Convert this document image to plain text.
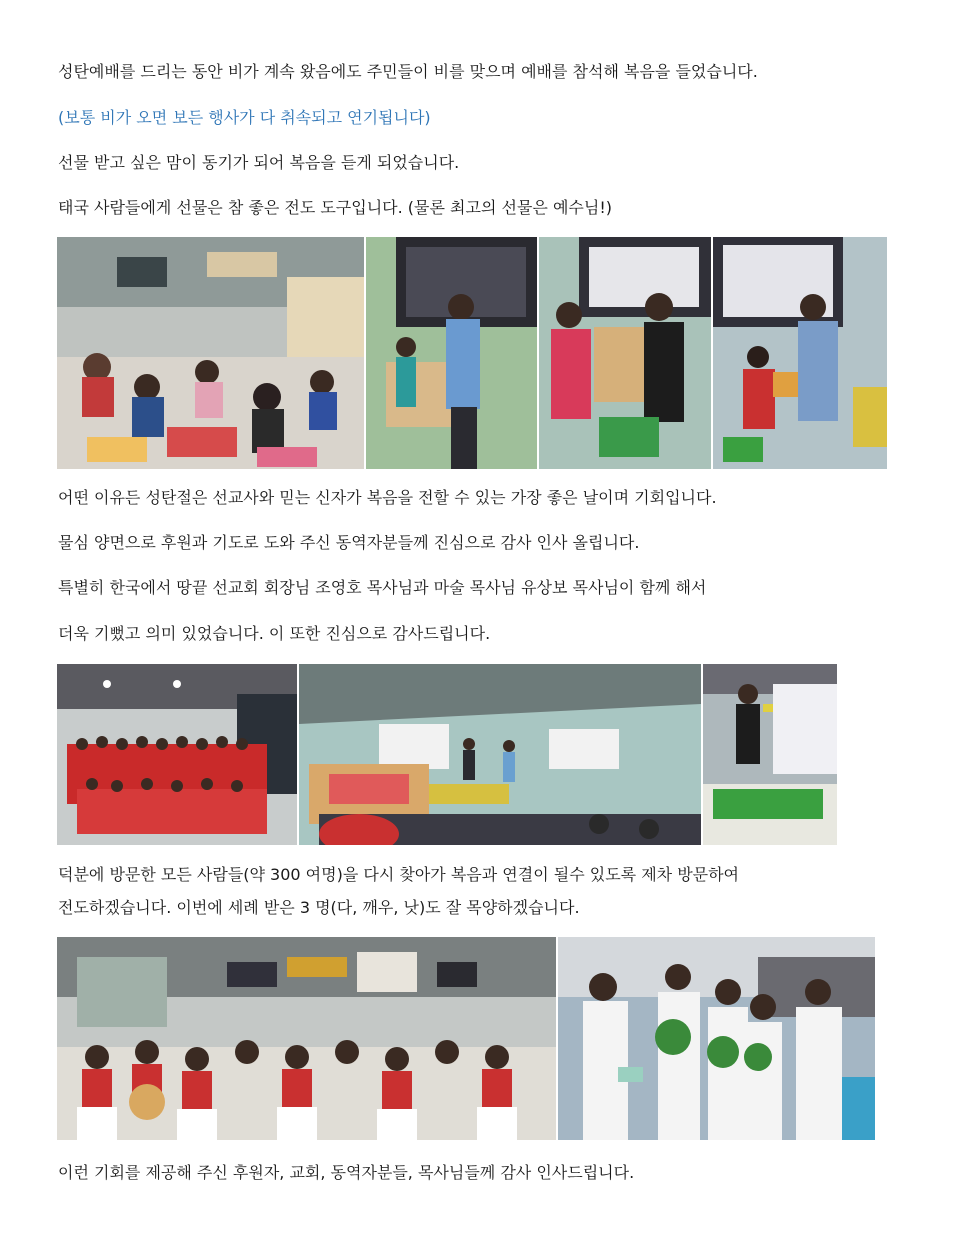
성탄예배를 드리는 동안 비가 계속 왔음에도 주민들이 비를 맞으며 예배를 참석해 복음을 들었습니다.
(보통 비가 오면 보든 행사가 다 취속되고 연기됩니다)
선물 받고 싶은 맘이 동기가 되어 복음을 듣게 되었습니다.
태국 사람들에게 선물은 참 좋은 전도 도구입니다. (물론 최고의 선물은 예수님!)
어떤 이유든 성탄절은 선교사와 믿는 신자가 복음을 전할 수 있는 가장 좋은 날이며 기회입니다.
물심 양면으로 후원과 기도로 도와 주신 동역자분들께 진심으로 감사 인사 올립니다.
특별히 한국에서 땅끝 선교회 회장님 조영호 목사님과 마술 목사님 유상보 목사님이 함께 해서
더욱 기뻤고 의미 있었습니다. 이 또한 진심으로 감사드립니다.
덕분에 방문한 모든 사람들(약 300 여명)을 다시 찾아가 복음과 연결이 될수 있도록 제차 방문하여
전도하겠습니다. 이번에 세례 받은 3 명(다, 깨우, 낫)도 잘 목양하겠습니다.
이런 기회를 제공해 주신 후원자, 교회, 동역자분들, 목사님들께 감사 인사드립니다.
